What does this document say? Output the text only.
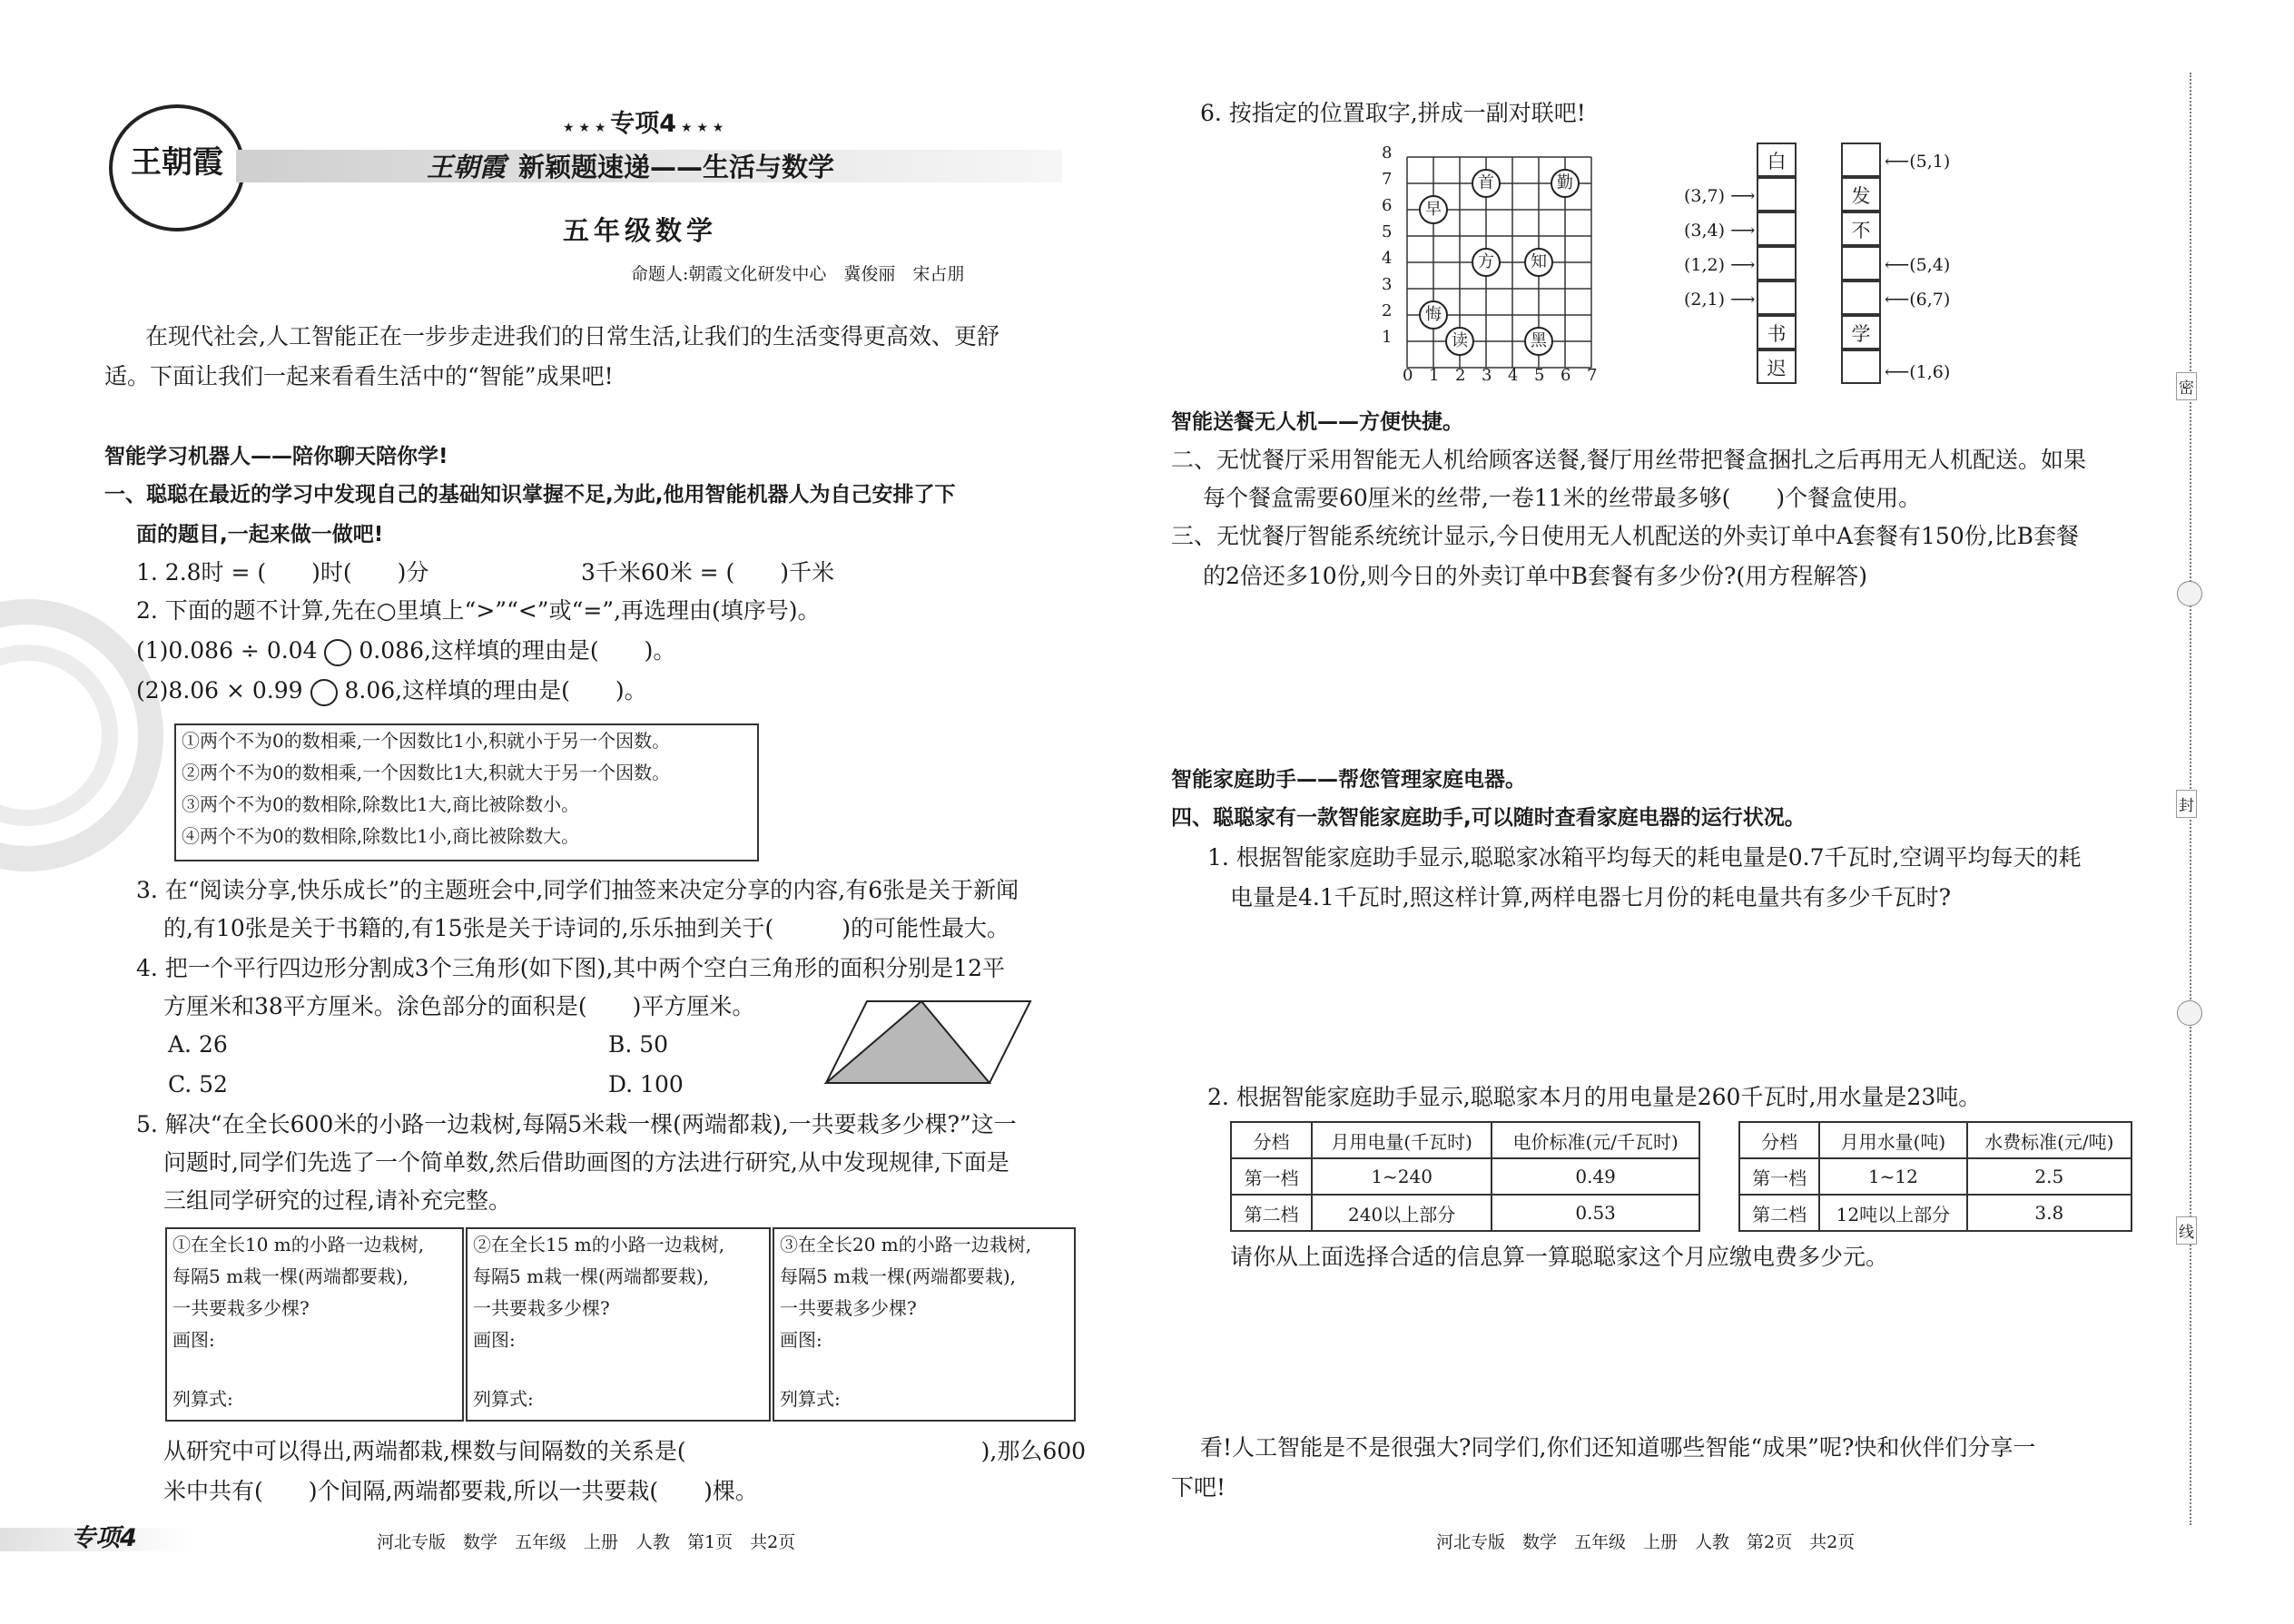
王朝霞
★ ★ ★ 专项4 ★ ★ ★
王朝霞 新颖题速递——生活与数学
五年级数学
命题人:朝霞文化研发中心　冀俊丽　宋占朋
在现代社会,人工智能正在一步步走进我们的日常生活,让我们的生活变得更高效、更舒
适。下面让我们一起来看看生活中的“智能”成果吧!
智能学习机器人——陪你聊天陪你学!
一、聪聪在最近的学习中发现自己的基础知识掌握不足,为此,他用智能机器人为自己安排了下
面的题目,一起来做一做吧!
1. 2.8时 = (　　)时(　　)分	3千米60米 = (　　)千米
2. 下面的题不计算,先在○里填上“>”“<”或“=”,再选理由(填序号)。
(1)0.086 ÷ 0.04 0.086,这样填的理由是(　　)。
(2)8.06 × 0.99 8.06,这样填的理由是(　　)。
①两个不为0的数相乘,一个因数比1小,积就小于另一个因数。
②两个不为0的数相乘,一个因数比1大,积就大于另一个因数。
③两个不为0的数相除,除数比1大,商比被除数小。
④两个不为0的数相除,除数比1小,商比被除数大。
3. 在“阅读分享,快乐成长”的主题班会中,同学们抽签来决定分享的内容,有6张是关于新闻
的,有10张是关于书籍的,有15张是关于诗词的,乐乐抽到关于(　　　)的可能性最大。
4. 把一个平行四边形分割成3个三角形(如下图),其中两个空白三角形的面积分别是12平
方厘米和38平方厘米。涂色部分的面积是(　　)平方厘米。
A. 26	B. 50
C. 52	D. 100
5. 解决“在全长600米的小路一边栽树,每隔5米栽一棵(两端都栽),一共要栽多少棵?”这一
问题时,同学们先选了一个简单数,然后借助画图的方法进行研究,从中发现规律,下面是
三组同学研究的过程,请补充完整。
①在全长10 m的小路一边栽树,
每隔5 m栽一棵(两端都要栽),
一共要栽多少棵?
画图:
列算式:
②在全长15 m的小路一边栽树,
每隔5 m栽一棵(两端都要栽),
一共要栽多少棵?
画图:
列算式:
③在全长20 m的小路一边栽树,
每隔5 m栽一棵(两端都要栽),
一共要栽多少棵?
画图:
列算式:
从研究中可以得出,两端都栽,棵数与间隔数的关系是(　　　　　　　　　　　　　),那么600
米中共有(　　)个间隔,两端都要栽,所以一共要栽(　　)棵。
专项4	河北专版　数学　五年级　上册　人教　第1页　共2页
6. 按指定的位置取字,拼成一副对联吧!
早
首	勤
方	知
悔
读	黑
8
7
6
5
4
3
2
1
0 1 2 3 4 5 6 7
白
书
迟
发
不
学
(3,7) ⟶
(3,4) ⟶
(1,2) ⟶
(2,1) ⟶
⟵(5,1)
⟵(5,4)
⟵(6,7)
⟵(1,6)
智能送餐无人机——方便快捷。
二、无忧餐厅采用智能无人机给顾客送餐,餐厅用丝带把餐盒捆扎之后再用无人机配送。如果
每个餐盒需要60厘米的丝带,一卷11米的丝带最多够(　　)个餐盒使用。
三、无忧餐厅智能系统统计显示,今日使用无人机配送的外卖订单中A套餐有150份,比B套餐
的2倍还多10份,则今日的外卖订单中B套餐有多少份?(用方程解答)
智能家庭助手——帮您管理家庭电器。
四、聪聪家有一款智能家庭助手,可以随时查看家庭电器的运行状况。
1. 根据智能家庭助手显示,聪聪家冰箱平均每天的耗电量是0.7千瓦时,空调平均每天的耗
电量是4.1千瓦时,照这样计算,两样电器七月份的耗电量共有多少千瓦时?
2. 根据智能家庭助手显示,聪聪家本月的用电量是260千瓦时,用水量是23吨。
分档	月用电量(千瓦时)	电价标准(元/千瓦时)
第一档	1~240	0.49
第二档	240以上部分	0.53
分档	月用水量(吨)	水费标准(元/吨)
第一档	1~12	2.5
第二档	12吨以上部分	3.8
请你从上面选择合适的信息算一算聪聪家这个月应缴电费多少元。
看!人工智能是不是很强大?同学们,你们还知道哪些智能“成果”呢?快和伙伴们分享一
下吧!
河北专版　数学　五年级　上册　人教　第2页　共2页
密
封
线
